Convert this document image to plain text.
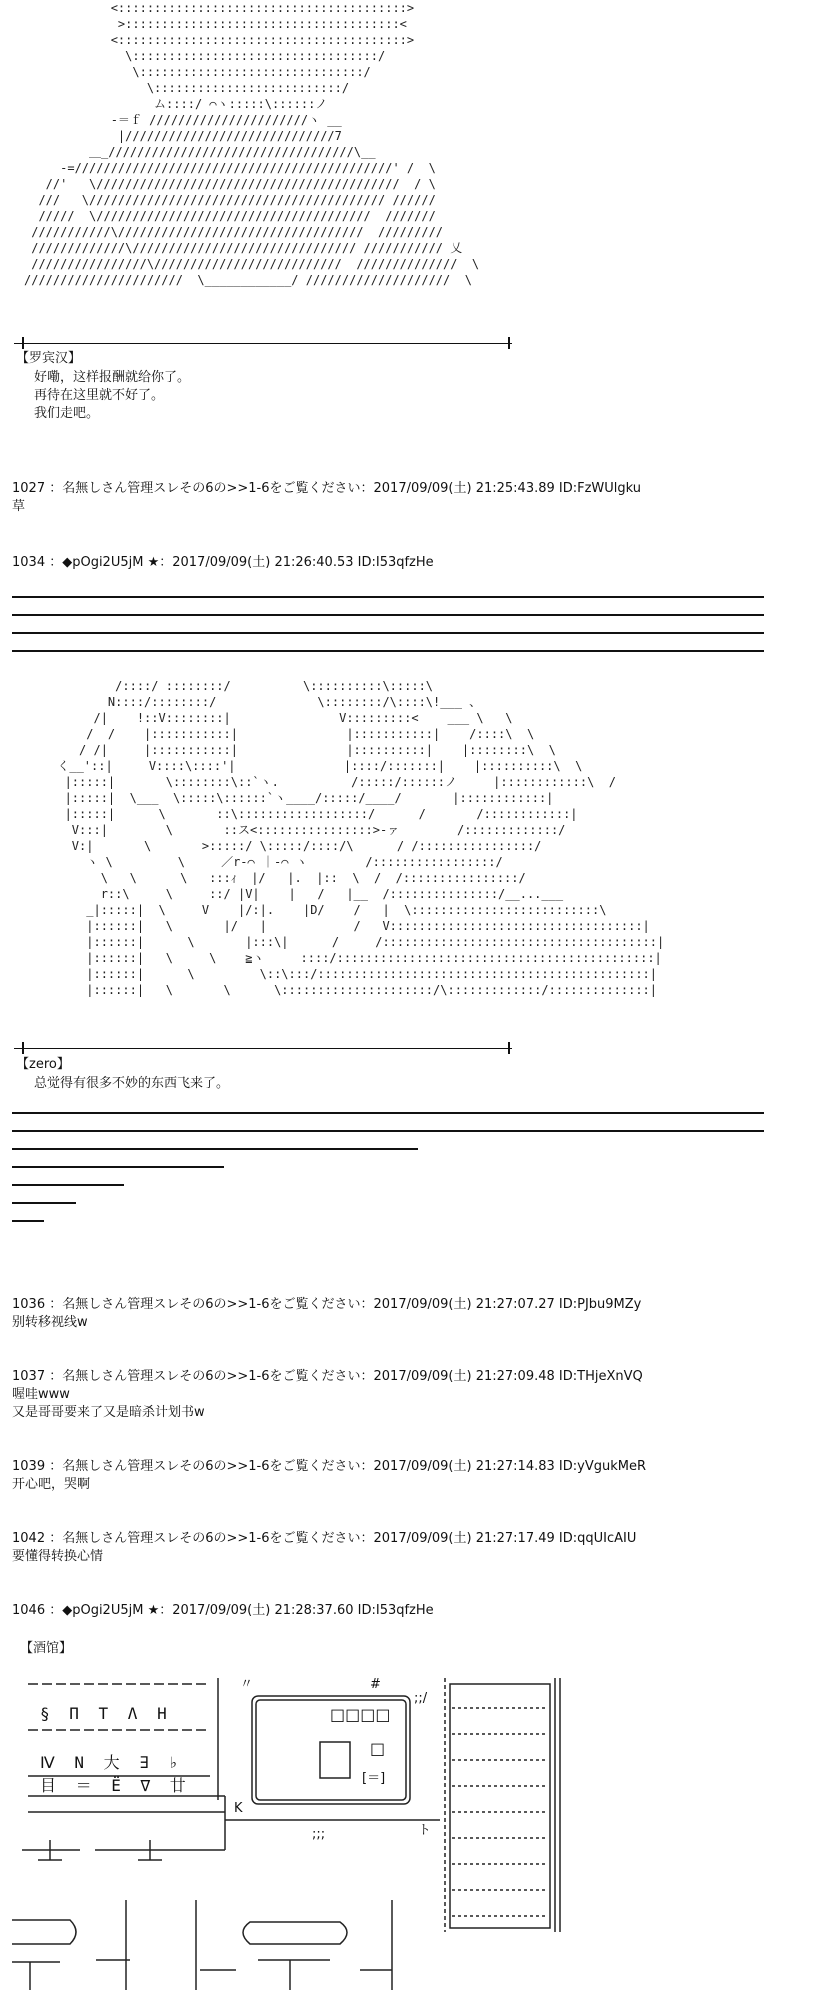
<::::::::::::::::::::::::::::::::::::::::>
>::::::::::::::::::::::::::::::::::::::<
<::::::::::::::::::::::::::::::::::::::::>
\::::::::::::::::::::::::::::::::::/
\:::::::::::::::::::::::::::::::/
\::::::::::::::::::::::::::/
ム::::/ ⌒ヽ:::::\::::::ノ
-＝ｆ //////////////////////ヽ __
|/////////////////////////////7
＿_//////////////////////////////////\__
-=////////////////////////////////////////////' /  \
//'   \//////////////////////////////////////////  / \
///   \///////////////////////////////////////// //////
/////  \//////////////////////////////////////  ///////
///////////\//////////////////////////////////  /////////
/////////////\/////////////////////////////// /////////// 乂
////////////////\//////////////////////////  //////////////  \
//////////////////////  \____________/ ////////////////////  \
【罗宾汉】
好嘞，这样报酬就给你了。
再待在这里就不好了。
我们走吧。
1027 ：名無しさん管理スレその6の>>1-6をご覧ください：2017/09/09(土) 21:25:43.89 ID:FzWUlgku
草
1034 ：◆pOgi2U5jM ★：2017/09/09(土) 21:26:40.53 ID:I53qfzHe
/::::/ ::::::::/          \::::::::::\:::::\
N::::/::::::::/              \::::::::/\::::\!___ 、
/|    !::V::::::::|               V:::::::::<    ___ \   \
/  /    |:::::::::::|               |:::::::::::|    /::::\  \
/ /|     |:::::::::::|               |::::::::::|    |::::::::\  \
く__'::|     V::::\::::'|               |::::/:::::::|    |::::::::::\  \
|:::::|       \::::::::\::`ヽ.          /:::::/::::::ノ     |::::::::::::\  /
|:::::|  \___  \:::::\::::::`ヽ____/:::::/____/       |::::::::::::|
|:::::|      \       ::\::::::::::::::::::/      /       /::::::::::::|
V:::|        \       ::ス<::::::::::::::::>-ァ        /:::::::::::::/
V:|       \       >:::::/ \:::::/::::/\      / /::::::::::::::::/
ヽ \         \     ／r‐⌒ ｜‐⌒ ヽ        /:::::::::::::::::/
\   \      \   :::ｨ  |/   |.  |::  \  /  /::::::::::::::::/
r::\     \     ::/ |V|    |   /   |__  /:::::::::::::::/__...___
_|:::::|  \     V    |/:|.    |D/    /   |  \::::::::::::::::::::::::::\
|::::::|   \       |/   |            /   V:::::::::::::::::::::::::::::::::::|
|::::::|      \       |:::\|      /     /::::::::::::::::::::::::::::::::::::::|
|::::::|   \     \    ≧ヽ     ::::/::::::::::::::::::::::::::::::::::::::::::::|
|::::::|      \         \::\:::/::::::::::::::::::::::::::::::::::::::::::::::|
|::::::|   \       \      \:::::::::::::::::::::/\:::::::::::::/::::::::::::::|
【zero】
总觉得有很多不妙的东西飞来了。
1036 ：名無しさん管理スレその6の>>1-6をご覧ください：2017/09/09(土) 21:27:07.27 ID:PJbu9MZy
别转移视线w
1037 ：名無しさん管理スレその6の>>1-6をご覧ください：2017/09/09(土) 21:27:09.48 ID:THjeXnVQ
喔哇www
又是哥哥要来了又是暗杀计划书w
1039 ：名無しさん管理スレその6の>>1-6をご覧ください：2017/09/09(土) 21:27:14.83 ID:yVgukMeR
开心吧，哭啊
1042 ：名無しさん管理スレその6の>>1-6をご覧ください：2017/09/09(土) 21:27:17.49 ID:qqUIcAIU
要懂得转换心情
1046 ：◆pOgi2U5jM ★：2017/09/09(土) 21:28:37.60 ID:I53qfzHe
【酒馆】
§ Π Τ Λ Η
Ⅳ Ν 大 ∃ ♭
目 ＝ Ё ∇ 廿
#
〃
□□□□
□
[＝]
;;/
K
;;;	ト
